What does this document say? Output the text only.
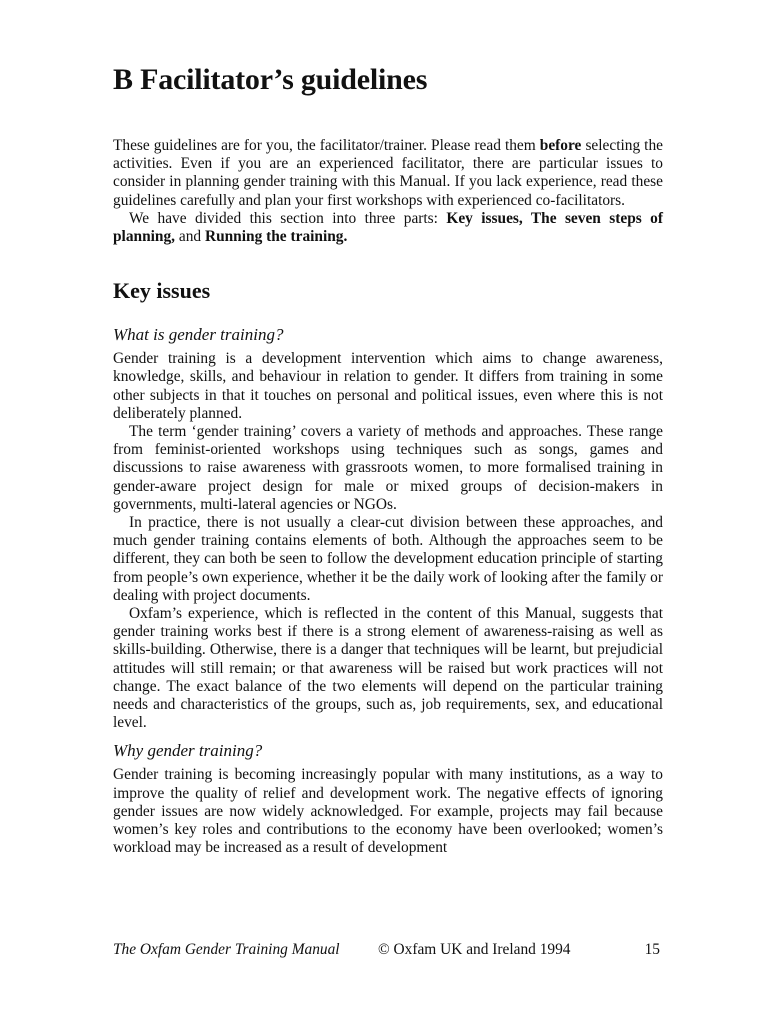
B Facilitator’s guidelines

These guidelines are for you, the facilitator/trainer. Please read them before selecting the activities. Even if you are an experienced facilitator, there are particular issues to consider in planning gender training with this Manual. If you lack experience, read these guidelines carefully and plan your first workshops with experienced co-facilitators.

We have divided this section into three parts: Key issues, The seven steps of planning, and Running the training.

Key issues
What is gender training?

Gender training is a development intervention which aims to change awareness, knowledge, skills, and behaviour in relation to gender. It differs from training in some other subjects in that it touches on personal and political issues, even where this is not deliberately planned.

The term ‘gender training’ covers a variety of methods and approaches. These range from feminist-oriented workshops using techniques such as songs, games and discussions to raise awareness with grassroots women, to more formalised training in gender-aware project design for male or mixed groups of decision-makers in governments, multi-lateral agencies or NGOs.

In practice, there is not usually a clear-cut division between these approaches, and much gender training contains elements of both. Although the approaches seem to be different, they can both be seen to follow the development education principle of starting from people’s own experience, whether it be the daily work of looking after the family or dealing with project documents.

Oxfam’s experience, which is reflected in the content of this Manual, suggests that gender training works best if there is a strong element of awareness-raising as well as skills-building. Otherwise, there is a danger that techniques will be learnt, but prejudicial attitudes will still remain; or that awareness will be raised but work practices will not change. The exact balance of the two elements will depend on the particular training needs and characteristics of the groups, such as, job requirements, sex, and educational level.

Why gender training?

Gender training is becoming increasingly popular with many institutions, as a way to improve the quality of relief and development work. The negative effects of ignoring gender issues are now widely acknowledged. For example, projects may fail because women’s key roles and contributions to the economy have been overlooked; women’s workload may be increased as a result of development

The Oxfam Gender Training Manual © Oxfam UK and Ireland 1994	15
